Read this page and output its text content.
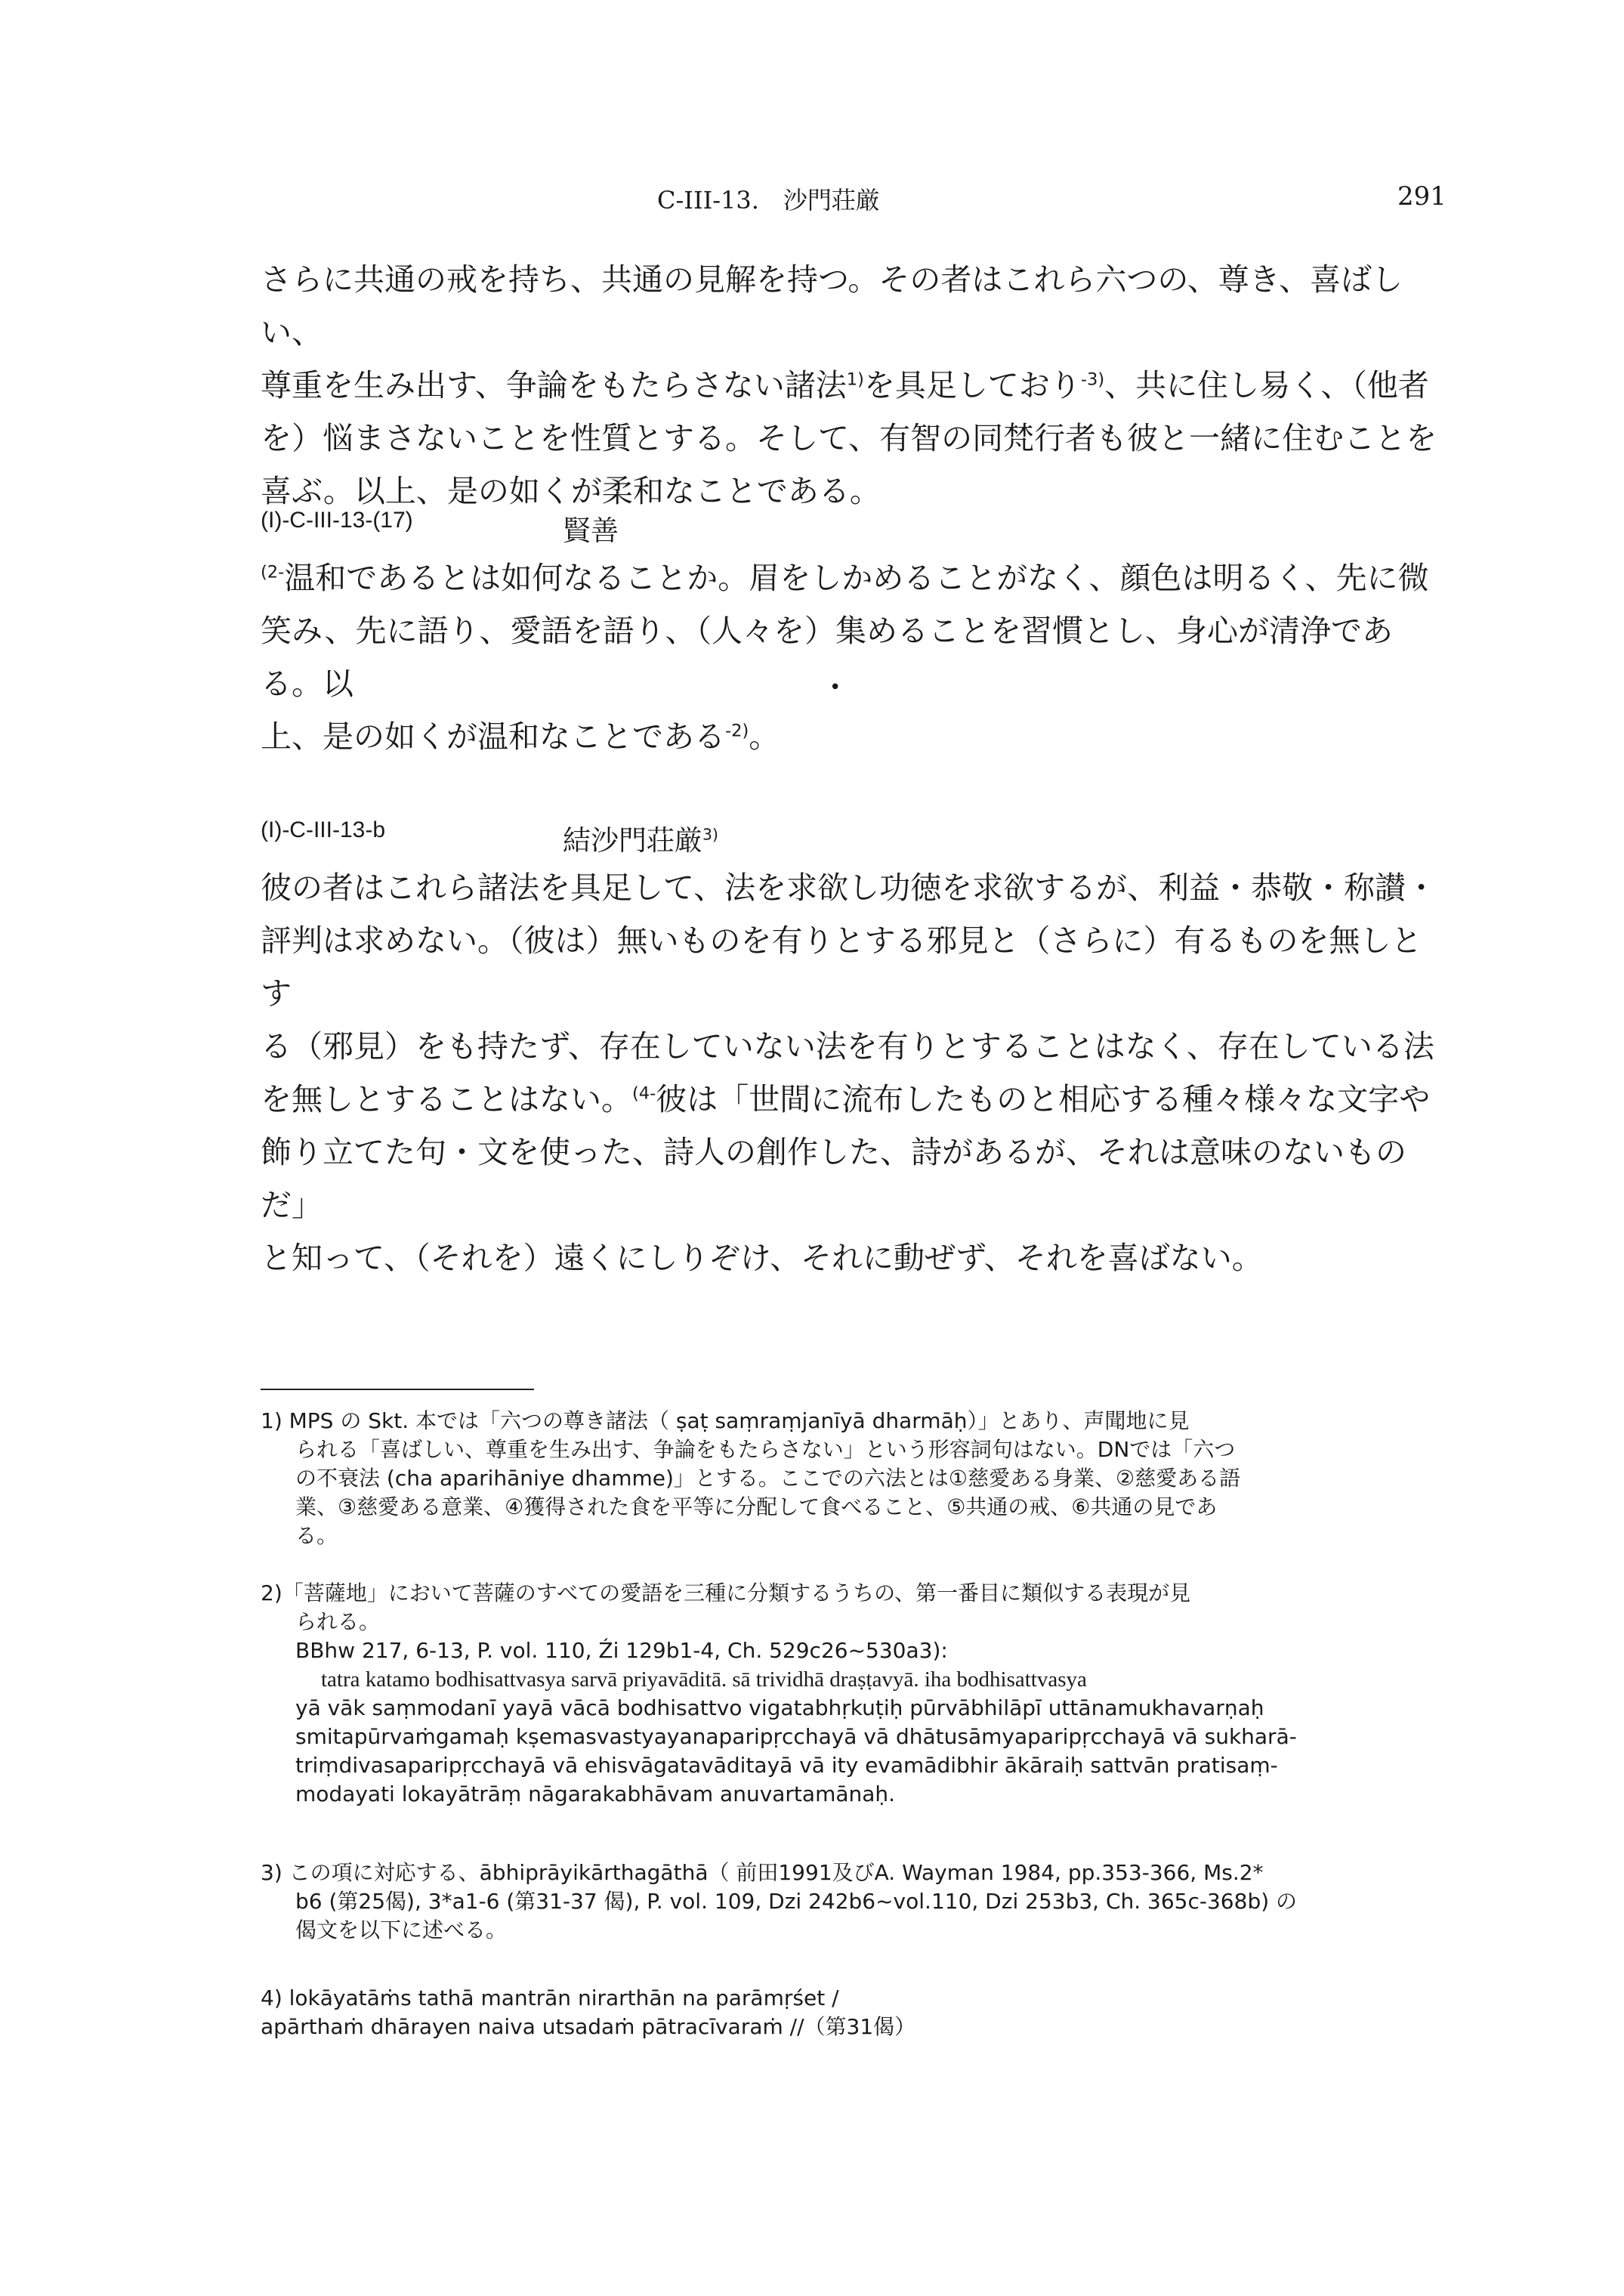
C-III-13.　沙門荘厳	291

さらに共通の戒を持ち、共通の見解を持つ。その者はこれら六つの、尊き、喜ばしい、
尊重を生み出す、争論をもたらさない諸法$^{1)}$を具足しており$^{-3)}$、共に住し易く、（他者
を）悩まさないことを性質とする。そして、有智の同梵行者も彼と一緒に住むことを
喜ぶ。以上、是の如くが柔和なことである。

(I)-C-III-13-(17)	賢善

$^{(2-}$温和であるとは如何なることか。眉をしかめることがなく、顔色は明るく、先に微
笑み、先に語り、愛語を語り、（人々を）集めることを習慣とし、身心が清浄である。以
上、是の如くが温和なことである$^{-2)}$。

•
(I)-C-III-13-b	結沙門荘厳$^{3)}$

彼の者はこれら諸法を具足して、法を求欲し功徳を求欲するが、利益・恭敬・称讃・
評判は求めない。（彼は）無いものを有りとする邪見と（さらに）有るものを無しとす
る（邪見）をも持たず、存在していない法を有りとすることはなく、存在している法
を無しとすることはない。$^{(4-}$彼は「世間に流布したものと相応する種々様々な文字や
飾り立てた句・文を使った、詩人の創作した、詩があるが、それは意味のないものだ」
と知って、（それを）遠くにしりぞけ、それに動ぜず、それを喜ばない。

1) MPS の Skt. 本では「六つの尊き諸法（ ṣaṭ saṃraṃjanīyā dharmāḥ）」とあり、声聞地に見
られる「喜ばしい、尊重を生み出す、争論をもたらさない」という形容詞句はない。DNでは「六つ
の不衰法 (cha aparihāniye dhamme)」とする。ここでの六法とは①慈愛ある身業、②慈愛ある語
業、③慈愛ある意業、④獲得された食を平等に分配して食べること、⑤共通の戒、⑥共通の見であ
る。
2)「菩薩地」において菩薩のすべての愛語を三種に分類するうちの、第一番目に類似する表現が見
られる。
BBhw 217, 6-13, P. vol. 110, Źi 129b1-4, Ch. 529c26~530a3):
tatra katamo bodhisattvasya sarvā priyavāditā. sā trividhā draṣṭavyā. iha bodhisattvasya
yā vāk saṃmodanī yayā vācā bodhisattvo vigatabhṛkuṭiḥ pūrvābhilāpī uttānamukhavarṇaḥ
smitapūrvaṁgamaḥ kṣemasvastyayanaparipṛcchayā vā dhātusāmyaparipṛcchayā vā sukharā-
triṃdivasaparipṛcchayā vā ehisvāgatavāditayā vā ity evamādibhir ākāraiḥ sattvān pratisaṃ-
modayati lokayātrāṃ nāgarakabhāvam anuvartamānaḥ.
3) この項に対応する、ābhiprāyikārthagāthā（ 前田1991及びA. Wayman 1984, pp.353-366, Ms.2*
b6 (第25偈), 3*a1-6 (第31-37 偈), P. vol. 109, Dzi 242b6~vol.110, Dzi 253b3, Ch. 365c-368b) の
偈文を以下に述べる。
4) lokāyatāṁs tathā mantrān nirarthān na parāmṛśet /
apārthaṁ dhārayen naiva utsadaṁ pātracīvaraṁ //（第31偈）
